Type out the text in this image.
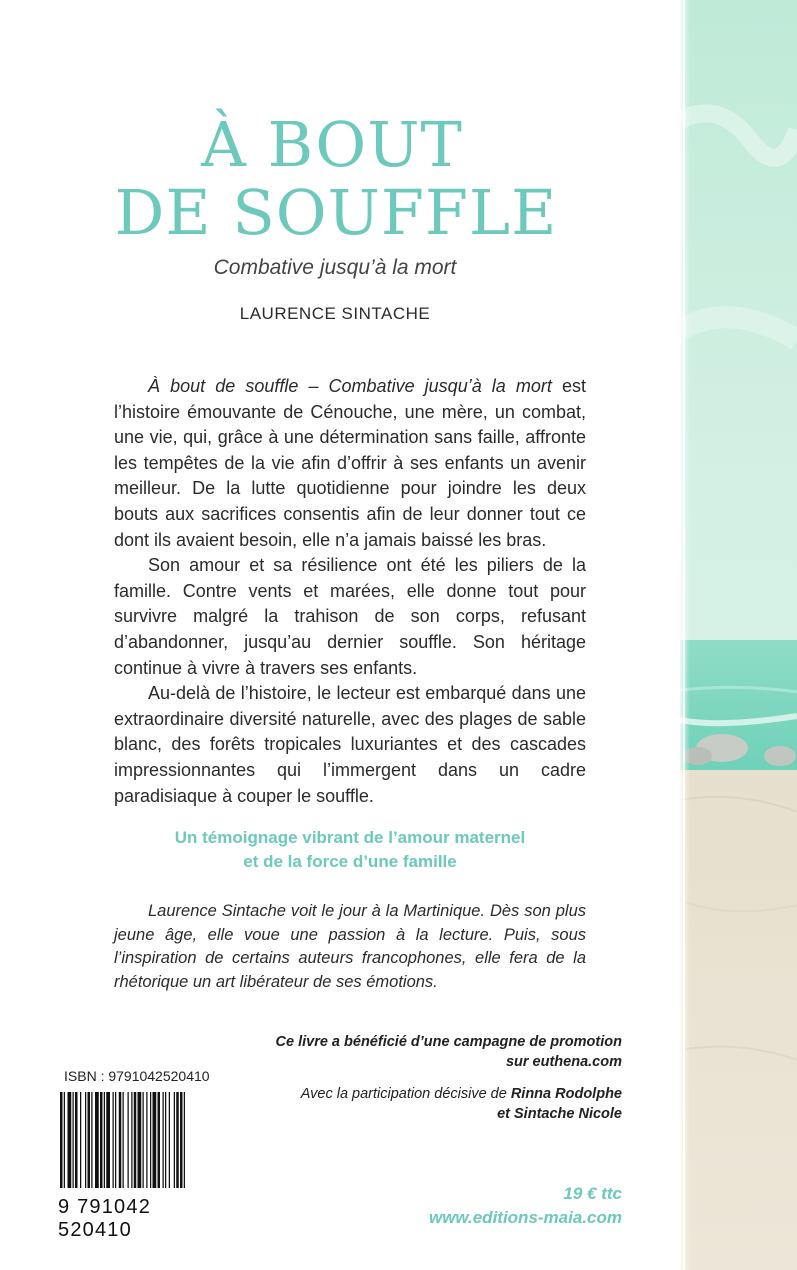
À BOUT
DE SOUFFLE
Combative jusqu’à la mort
LAURENCE SINTACHE

À bout de souffle – Combative jusqu’à la mort est l’histoire émouvante de Cénouche, une mère, un combat, une vie, qui, grâce à une détermination sans faille, affronte les tempêtes de la vie afin d’offrir à ses enfants un avenir meilleur. De la lutte quotidienne pour joindre les deux bouts aux sacrifices consentis afin de leur donner tout ce dont ils avaient besoin, elle n’a jamais baissé les bras.

Son amour et sa résilience ont été les piliers de la famille. Contre vents et marées, elle donne tout pour survivre malgré la trahison de son corps, refusant d’abandonner, jusqu’au dernier souffle. Son héritage continue à vivre à travers ses enfants.

Au-delà de l’histoire, le lecteur est embarqué dans une extraordinaire diversité naturelle, avec des plages de sable blanc, des forêts tropicales luxuriantes et des cascades impressionnantes qui l’immergent dans un cadre paradisiaque à couper le souffle.

Un témoignage vibrant de l’amour maternel
et de la force d’une famille

Laurence Sintache voit le jour à la Martinique. Dès son plus jeune âge, elle voue une passion à la lecture. Puis, sous l’inspiration de certains auteurs francophones, elle fera de la rhétorique un art libérateur de ses émotions.

Ce livre a bénéficié d’une campagne de promotion
sur euthena.com
Avec la participation décisive de Rinna Rodolphe
et Sintache Nicole
ISBN : 9791042520410
9 791042 520410
19 € ttc
www.editions-maia.com
